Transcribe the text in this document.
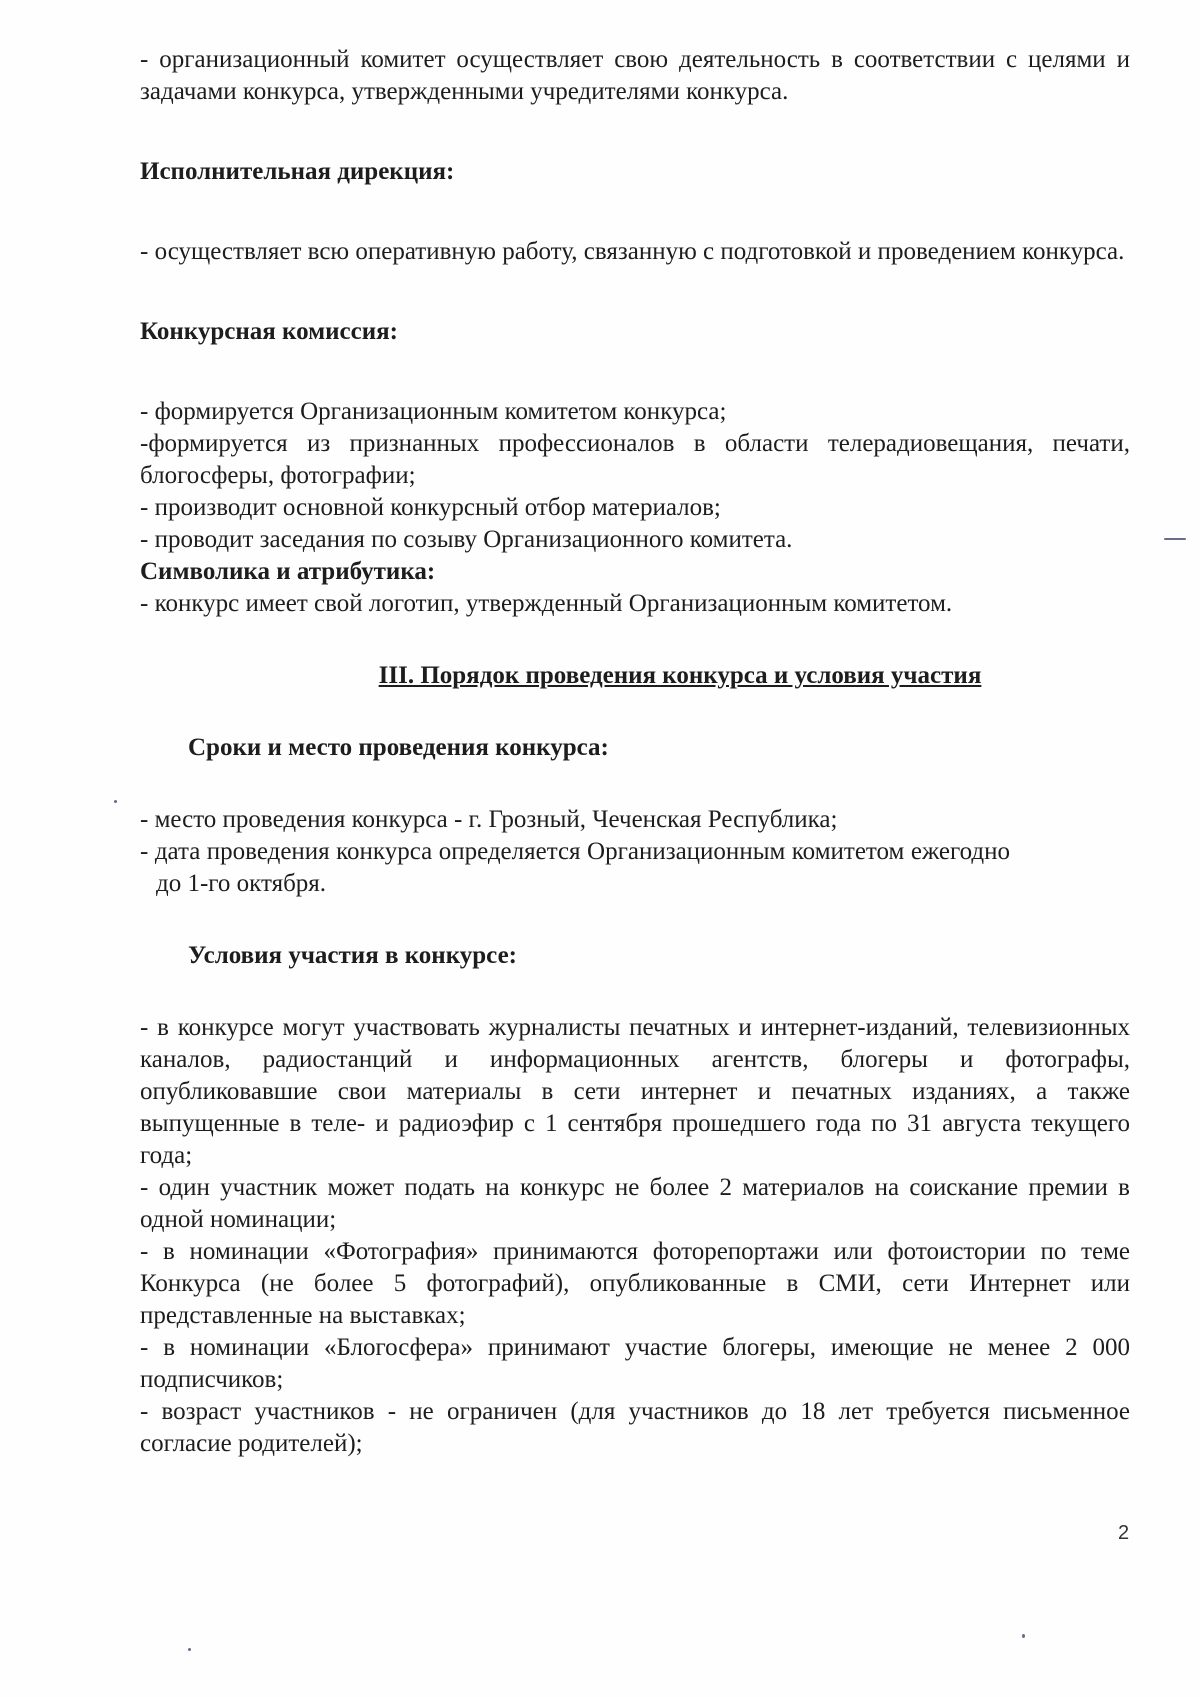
- организационный комитет осуществляет свою деятельность в соответствии с целями и задачами конкурса, утвержденными учредителями конкурса.

Исполнительная дирекция:

- осуществляет всю оперативную работу, связанную с подготовкой и проведением конкурса.

Конкурсная комиссия:

- формируется Организационным комитетом конкурса;

-формируется из признанных профессионалов в области телерадиовещания, печати, блогосферы, фотографии;

- производит основной конкурсный отбор материалов;

- проводит заседания по созыву Организационного комитета.

Символика и атрибутика:

- конкурс имеет свой логотип, утвержденный Организационным комитетом.

III. Порядок проведения конкурса и условия участия

Сроки и место проведения конкурса:

- место проведения конкурса - г. Грозный, Чеченская Республика;

- дата проведения конкурса определяется Организационным комитетом ежегодно до 1-го октября.

Условия участия в конкурсе:

- в конкурсе могут участвовать журналисты печатных и интернет-изданий, телевизионных каналов, радиостанций и информационных агентств, блогеры и фотографы, опубликовавшие свои материалы в сети интернет и печатных изданиях, а также выпущенные в теле- и радиоэфир с 1 сентября прошедшего года по 31 августа текущего года;

- один участник может подать на конкурс не более 2 материалов на соискание премии в одной номинации;

- в номинации «Фотография» принимаются фоторепортажи или фотоистории по теме Конкурса (не более 5 фотографий), опубликованные в СМИ, сети Интернет или представленные на выставках;

- в номинации «Блогосфера» принимают участие блогеры, имеющие не менее 2 000 подписчиков;

- возраст участников - не ограничен (для участников до 18 лет требуется письменное согласие родителей);

2
